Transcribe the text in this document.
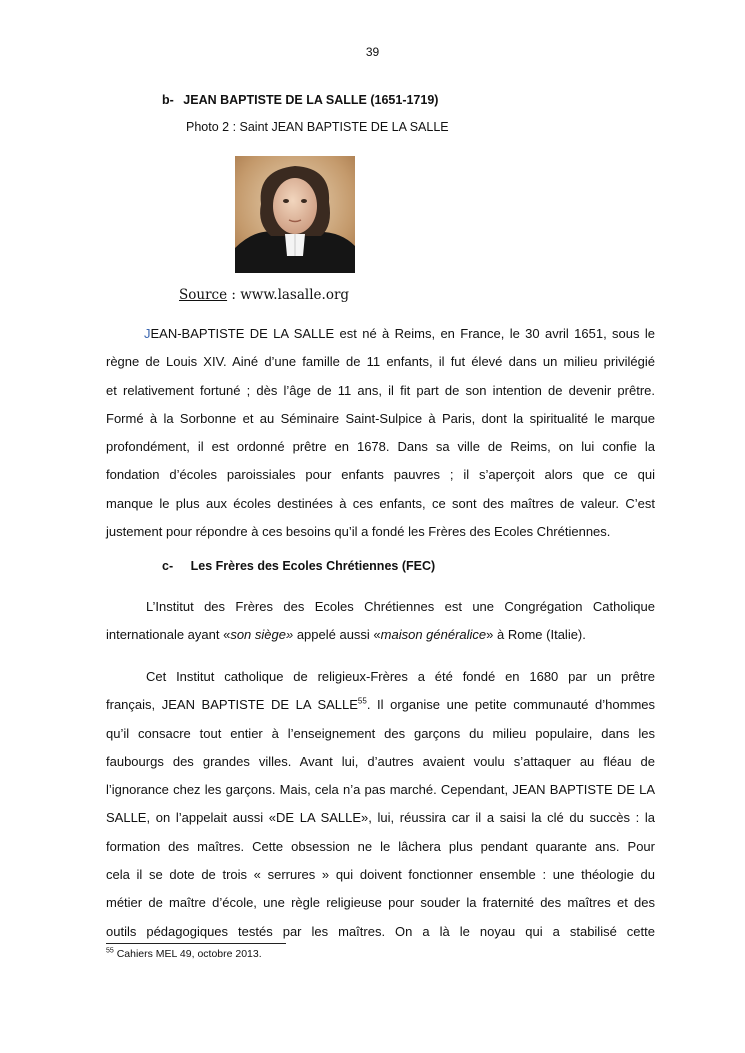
39
b- JEAN BAPTISTE DE LA SALLE (1651-1719)
Photo 2 : Saint JEAN BAPTISTE DE LA SALLE
Source : www.lasalle.org
JEAN-BAPTISTE DE LA SALLE est né à Reims, en France, le 30 avril 1651, sous le
règne de Louis XIV. Ainé d’une famille de 11 enfants, il fut élevé dans un milieu privilégié
et relativement fortuné ; dès l’âge de 11 ans, il fit part de son intention de devenir prêtre.
Formé à la Sorbonne et au Séminaire Saint-Sulpice à Paris, dont la spiritualité le marque
profondément, il est ordonné prêtre en 1678. Dans sa ville de Reims, on lui confie la
fondation d’écoles paroissiales pour enfants pauvres ; il s’aperçoit alors que ce qui
manque le plus aux écoles destinées à ces enfants, ce sont des maîtres de valeur. C’est
justement pour répondre à ces besoins qu’il a fondé les Frères des Ecoles Chrétiennes.
c- Les Frères des Ecoles Chrétiennes (FEC)
L’Institut des Frères des Ecoles Chrétiennes est une Congrégation Catholique
internationale ayant «son siège» appelé aussi «maison généralice» à Rome (Italie).
Cet Institut catholique de religieux-Frères a été fondé en 1680 par un prêtre
français, JEAN BAPTISTE DE LA SALLE$^{55}$. Il organise une petite communauté d’hommes
qu’il consacre tout entier à l’enseignement des garçons du milieu populaire, dans les
faubourgs des grandes villes. Avant lui, d’autres avaient voulu s’attaquer au fléau de
l’ignorance chez les garçons. Mais, cela n’a pas marché. Cependant, JEAN BAPTISTE DE LA
SALLE, on l’appelait aussi «DE LA SALLE», lui, réussira car il a saisi la clé du succès : la
formation des maîtres. Cette obsession ne le lâchera plus pendant quarante ans. Pour
cela il se dote de trois « serrures » qui doivent fonctionner ensemble : une théologie du
métier de maître d’école, une règle religieuse pour souder la fraternité des maîtres et des
outils pédagogiques testés par les maîtres. On a là le noyau qui a stabilisé cette
$^{55}$ Cahiers MEL 49, octobre 2013.
